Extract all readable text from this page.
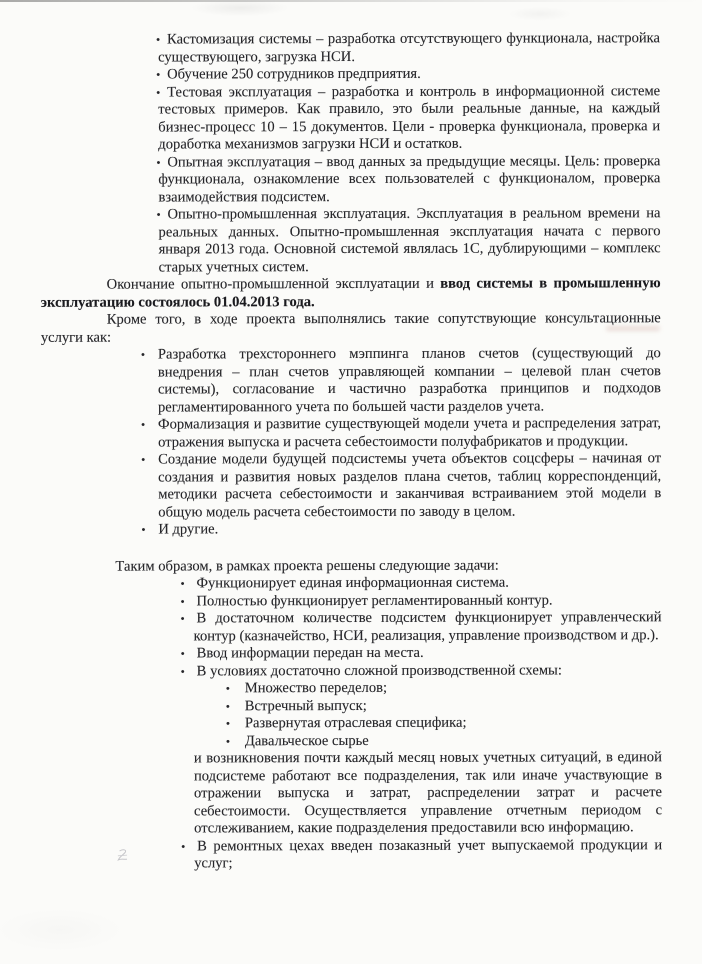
• Кастомизация системы – разработка отсутствующего функционала, настройка существующего, загрузка НСИ.
• Обучение 250 сотрудников предприятия.
• Тестовая эксплуатация – разработка и контроль в информационной системе тестовых примеров. Как правило, это были реальные данные, на каждый бизнес-процесс 10 – 15 документов. Цели - проверка функционала, проверка и доработка механизмов загрузки НСИ и остатков.
• Опытная эксплуатация – ввод данных за предыдущие месяцы. Цель: проверка функционала, ознакомление всех пользователей с функционалом, проверка взаимодействия подсистем.
• Опытно-промышленная эксплуатация. Эксплуатация в реальном времени на реальных данных. Опытно-промышленная эксплуатация начата с первого января 2013 года. Основной системой являлась 1С, дублирующими – комплекс старых учетных систем.

Окончание опытно-промышленной эксплуатации и ввод системы в промышленную эксплуатацию состоялось 01.04.2013 года.

Кроме того, в ходе проекта выполнялись такие сопутствующие консультационные услуги как:

• Разработка трехстороннего мэппинга планов счетов (существующий до внедрения – план счетов управляющей компании – целевой план счетов системы), согласование и частично разработка принципов и подходов регламентированного учета по большей части разделов учета.
• Формализация и развитие существующей модели учета и распределения затрат, отражения выпуска и расчета себестоимости полуфабрикатов и продукции.
• Создание модели будущей подсистемы учета объектов соцсферы – начиная от создания и развития новых разделов плана счетов, таблиц корреспонденций, методики расчета себестоимости и заканчивая встраиванием этой модели в общую модель расчета себестоимости по заводу в целом.
• И другие.

Таким образом, в рамках проекта решены следующие задачи:

• Функционирует единая информационная система.
• Полностью функционирует регламентированный контур.
• В достаточном количестве подсистем функционирует управленческий контур (казначейство, НСИ, реализация, управление производством и др.).
• Ввод информации передан на места.
• В условиях достаточно сложной производственной схемы:
• Множество переделов;
• Встречный выпуск;
• Развернутая отраслевая специфика;
• Давальческое сырье

и возникновения почти каждый месяц новых учетных ситуаций, в единой подсистеме работают все подразделения, так или иначе участвующие в отражении выпуска и затрат, распределении затрат и расчете себестоимости. Осуществляется управление отчетным периодом с отслеживанием, какие подразделения предоставили всю информацию.

• В ремонтных цехах введен позаказный учет выпускаемой продукции и услуг;
